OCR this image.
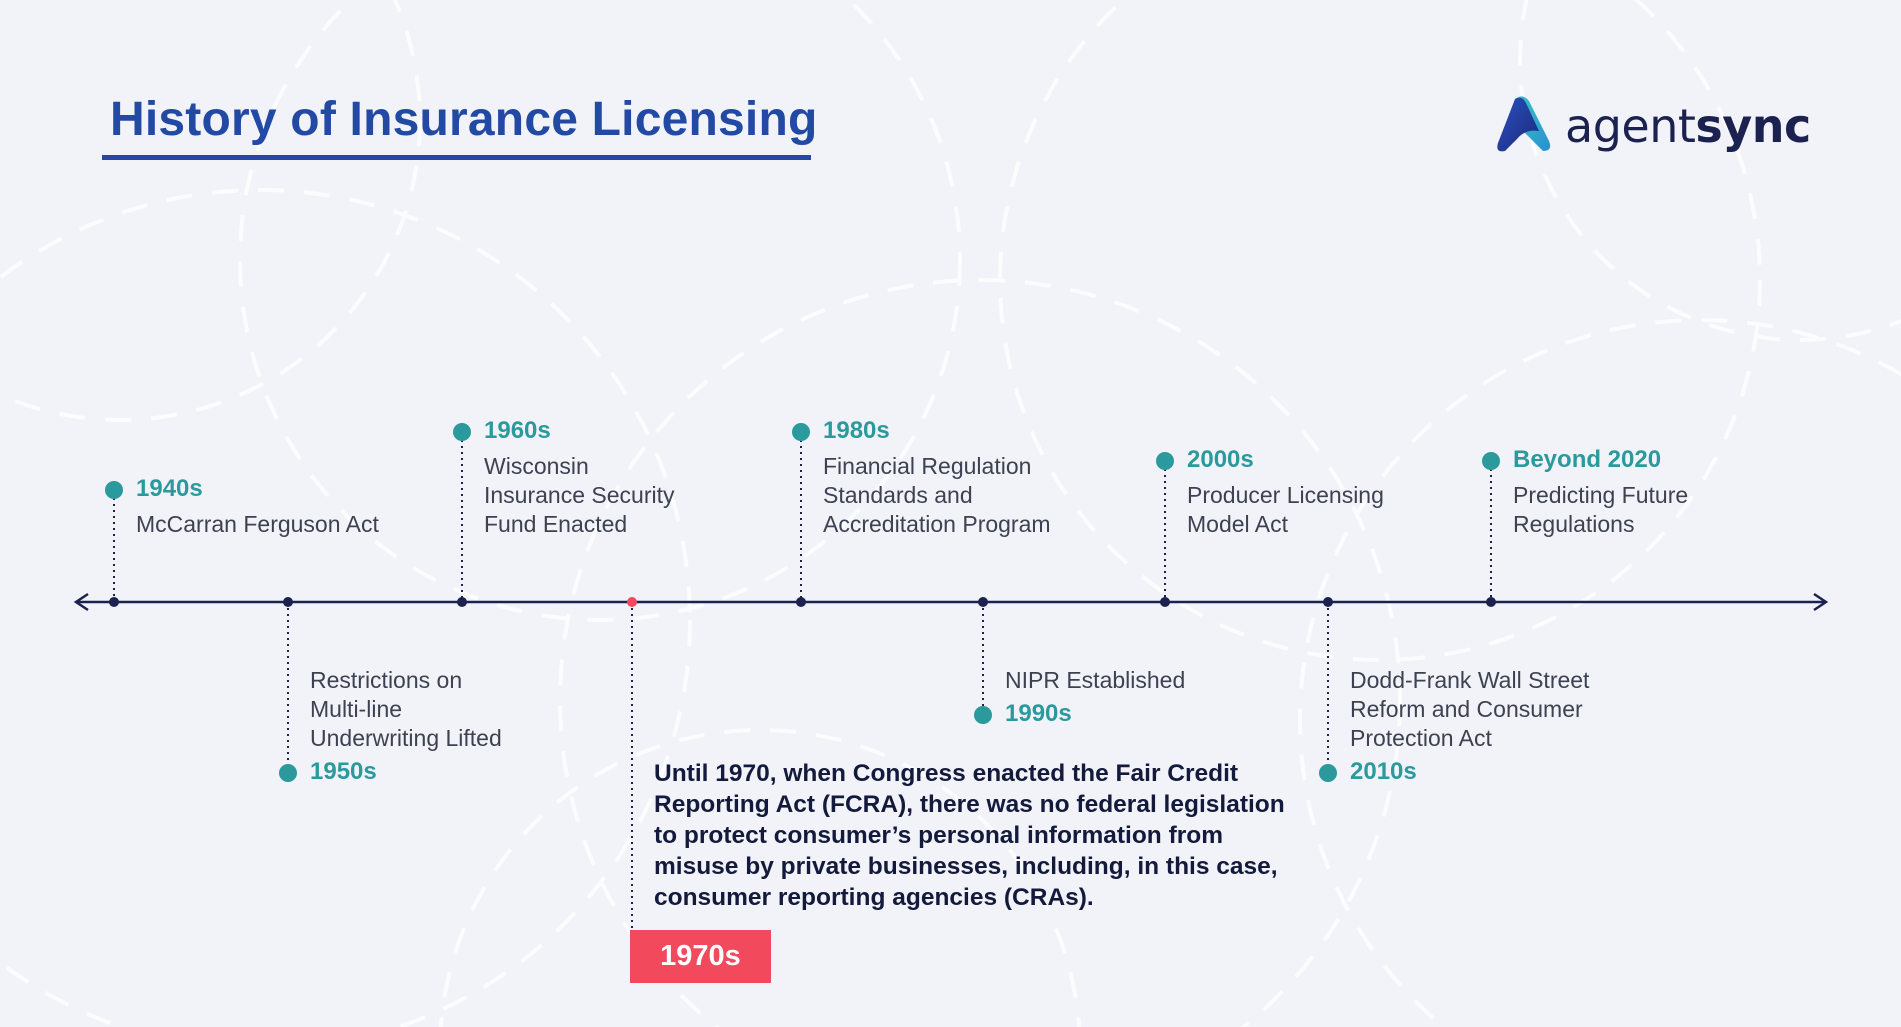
History of Insurance Licensing	agentsync
1940s
McCarran Ferguson Act
1950s
Restrictions on
Multi-line
Underwriting Lifted
1960s
Wisconsin
Insurance Security
Fund Enacted
1980s
Financial Regulation
Standards and
Accreditation Program
1990s
NIPR Established
2000s
Producer Licensing
Model Act
2010s
Dodd-Frank Wall Street
Reform and Consumer
Protection Act
Beyond 2020
Predicting Future
Regulations
Until 1970, when Congress enacted the Fair Credit
Reporting Act (FCRA), there was no federal legislation
to protect consumer’s personal information from
misuse by private businesses, including, in this case,
consumer reporting agencies (CRAs).
1970s
